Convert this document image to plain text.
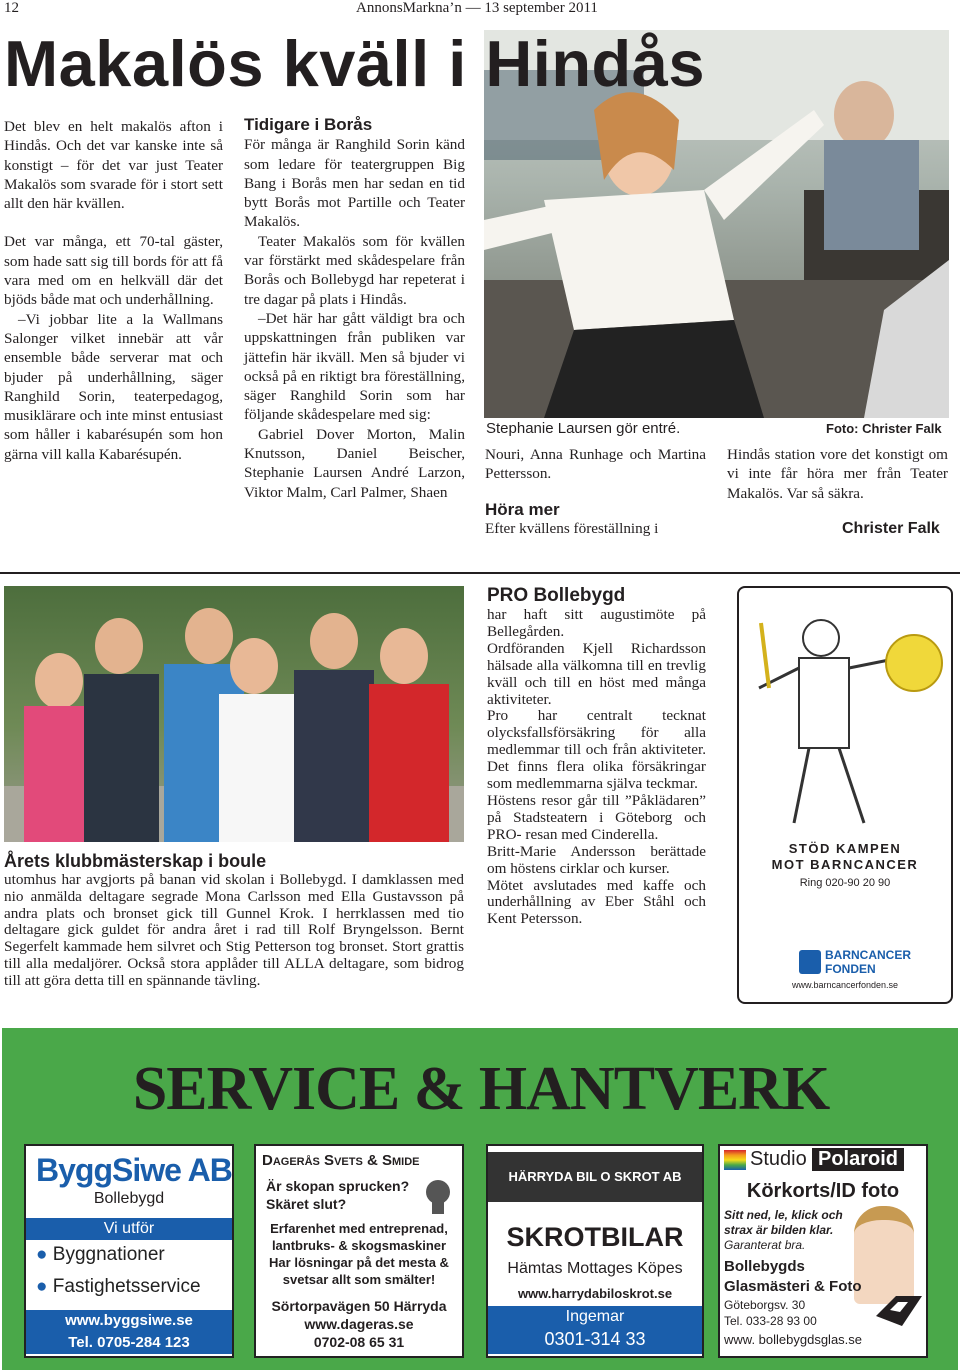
12	AnnonsMarkna’n — 13 september 2011
Makalös kväll i Hindås

Det blev en helt makalös afton i Hindås. Och det var kanske inte så konstigt – för det var just Teater Makalös som svarade för i stort sett allt den här kvällen.

Det var många, ett 70-tal gäster, som hade satt sig till bords för att få vara med om en helkväll där det bjöds både mat och underhållning.

–Vi jobbar lite a la Wallmans Salonger vilket innebär att vår ensemble både serverar mat och bjuder på underhållning, säger Ranghild Sorin, teaterpedagog, musiklärare och inte minst entusiast som håller i kabarésupén som hon gärna vill kalla Kabarésupén.

Tidigare i Borås

För många är Ranghild Sorin känd som ledare för teatergruppen Big Bang i Borås men har sedan en tid bytt Borås mot Partille och Teater Makalös.

Teater Makalös som för kvällen var förstärkt med skådespelare från Borås och Bollebygd har repeterat i tre dagar på plats i Hindås.

–Det här har gått väldigt bra och uppskattningen från publiken var jättefin här ikväll. Men så bjuder vi också på en riktigt bra föreställning, säger Ranghild Sorin som har följande skådespelare med sig:

Gabriel Dover Morton, Malin Knutsson, Daniel Beischer, Stephanie Laursen André Larzon, Viktor Malm, Carl Palmer, Shaen

Stephanie Laursen gör entré.	Foto: Christer Falk

Nouri, Anna Runhage och Martina Pettersson.

Höra mer

Efter kvällens föreställning i

Hindås station vore det konstigt om vi inte får höra mer från Teater Makalös. Var så säkra.

Christer Falk
Årets klubbmästerskap i boule
utomhus har avgjorts på banan vid skolan i Bollebygd. I damklassen med nio anmälda deltagare segrade Mona Carlsson med Ella Gustavsson på andra plats och bronset gick till Gunnel Krok. I herrklassen med tio deltagare gick guldet för andra året i rad till Rolf Bryngelsson. Bernt Segerfelt kammade hem silvret och Stig Petterson tog bronset. Stort grattis till alla medaljörer. Också stora applåder till ALLA deltagare, som bidrog till att göra detta till en spännande tävling.
PRO Bollebygd

har haft sitt augustimöte på Bellegården.

Ordföranden Kjell Richardsson hälsade alla välkomna till en trevlig kväll och till en höst med många aktiviteter.

Pro har centralt tecknat olycksfallsförsäkring för alla medlemmar till och från aktiviteter. Det finns flera olika försäkringar som medlemmarna själva teckmar.

Höstens resor går till ”Påklädaren” på Stadsteatern i Göteborg och PRO- resan med Cinderella.

Britt-Marie Andersson berättade om höstens cirklar och kurser.

Mötet avslutades med kaffe och underhållning av Eber Ståhl och Kent Petersson.

STÖD KAMPEN
MOT BARNCANCER
Ring 020-90 20 90
BARNCANCER
FONDEN
www.barncancerfonden.se
SERVICE & HANTVERK
ByggSiwe AB
Bollebygd
Vi utför
● Byggnationer
● Fastighetsservice
www.byggsiwe.se
Tel. 0705-284 123
Dagerås Svets & Smide
Är skopan sprucken?
Skäret slut?
Erfarenhet med entreprenad, lantbruks- & skogsmaskiner Har lösningar på det mesta & svetsar allt som smälter!
Sörtorpavägen 50 Härryda
www.dageras.se
0702-08 65 31
HÄRRYDA BIL O SKROT AB
SKROTBILAR
Hämtas Mottages Köpes
www.harrydabiloskrot.se
Ingemar
0301-314 33
Studio Polaroid
Körkorts/ID foto
Sitt ned, le, klick och
strax är bilden klar.
Garanterat bra.
Bollebygds
Glasmästeri & Foto
Göteborgsv. 30
Tel. 033-28 93 00
www. bollebygdsglas.se
